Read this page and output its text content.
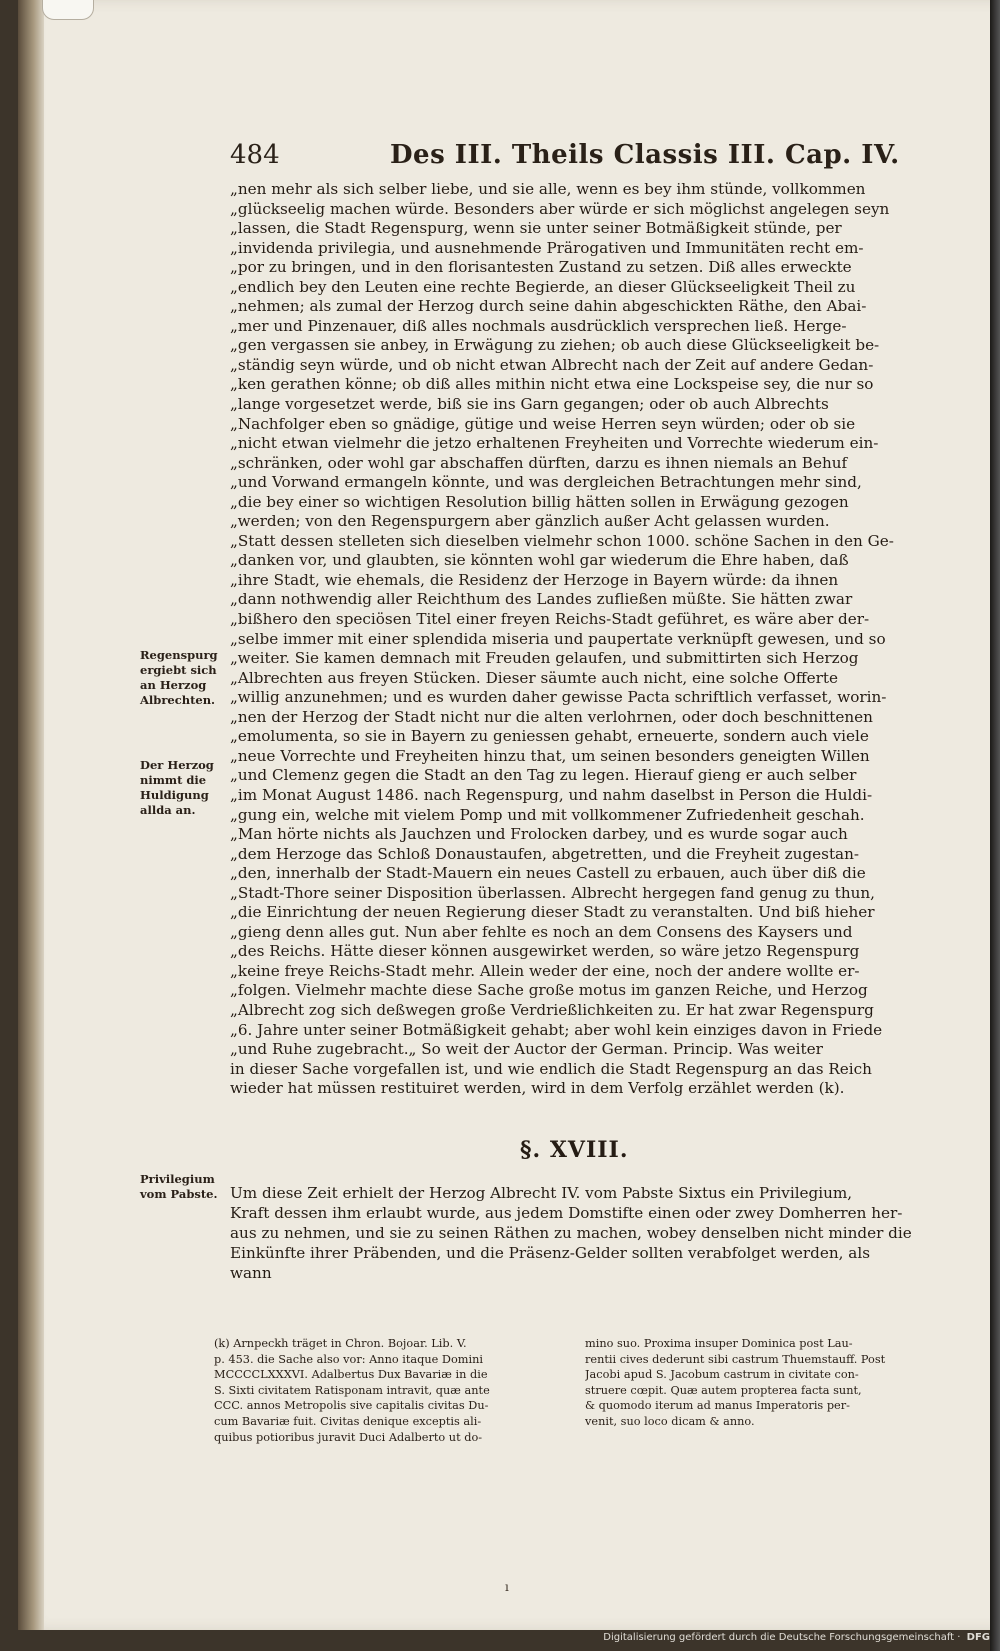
484	Des III. Theils Classis III. Cap. IV.
„nen mehr als sich selber liebe, und sie alle, wenn es bey ihm stünde, vollkommen
„glückseelig machen würde. Besonders aber würde er sich möglichst angelegen seyn
„lassen, die Stadt Regenspurg, wenn sie unter seiner Botmäßigkeit stünde, per
„invidenda privilegia, und ausnehmende Prärogativen und Immunitäten recht em-
„por zu bringen, und in den florisantesten Zustand zu setzen. Diß alles erweckte
„endlich bey den Leuten eine rechte Begierde, an dieser Glückseeligkeit Theil zu
„nehmen; als zumal der Herzog durch seine dahin abgeschickten Räthe, den Abai-
„mer und Pinzenauer, diß alles nochmals ausdrücklich versprechen ließ. Herge-
„gen vergassen sie anbey, in Erwägung zu ziehen; ob auch diese Glückseeligkeit be-
„ständig seyn würde, und ob nicht etwan Albrecht nach der Zeit auf andere Gedan-
„ken gerathen könne; ob diß alles mithin nicht etwa eine Lockspeise sey, die nur so
„lange vorgesetzet werde, biß sie ins Garn gegangen; oder ob auch Albrechts
„Nachfolger eben so gnädige, gütige und weise Herren seyn würden; oder ob sie
„nicht etwan vielmehr die jetzo erhaltenen Freyheiten und Vorrechte wiederum ein-
„schränken, oder wohl gar abschaffen dürften, darzu es ihnen niemals an Behuf
„und Vorwand ermangeln könnte, und was dergleichen Betrachtungen mehr sind,
„die bey einer so wichtigen Resolution billig hätten sollen in Erwägung gezogen
„werden; von den Regenspurgern aber gänzlich außer Acht gelassen wurden.
„Statt dessen stelleten sich dieselben vielmehr schon 1000. schöne Sachen in den Ge-
„danken vor, und glaubten, sie könnten wohl gar wiederum die Ehre haben, daß
„ihre Stadt, wie ehemals, die Residenz der Herzoge in Bayern würde: da ihnen
„dann nothwendig aller Reichthum des Landes zufließen müßte. Sie hätten zwar
„bißhero den speciösen Titel einer freyen Reichs-Stadt geführet, es wäre aber der-
„selbe immer mit einer splendida miseria und paupertate verknüpft gewesen, und so
„weiter. Sie kamen demnach mit Freuden gelaufen, und submittirten sich Herzog
„Albrechten aus freyen Stücken. Dieser säumte auch nicht, eine solche Offerte
„willig anzunehmen; und es wurden daher gewisse Pacta schriftlich verfasset, worin-
„nen der Herzog der Stadt nicht nur die alten verlohrnen, oder doch beschnittenen
„emolumenta, so sie in Bayern zu geniessen gehabt, erneuerte, sondern auch viele
„neue Vorrechte und Freyheiten hinzu that, um seinen besonders geneigten Willen
„und Clemenz gegen die Stadt an den Tag zu legen. Hierauf gieng er auch selber
„im Monat August 1486. nach Regenspurg, und nahm daselbst in Person die Huldi-
„gung ein, welche mit vielem Pomp und mit vollkommener Zufriedenheit geschah.
„Man hörte nichts als Jauchzen und Frolocken darbey, und es wurde sogar auch
„dem Herzoge das Schloß Donaustaufen, abgetretten, und die Freyheit zugestan-
„den, innerhalb der Stadt-Mauern ein neues Castell zu erbauen, auch über diß die
„Stadt-Thore seiner Disposition überlassen. Albrecht hergegen fand genug zu thun,
„die Einrichtung der neuen Regierung dieser Stadt zu veranstalten. Und biß hieher
„gieng denn alles gut. Nun aber fehlte es noch an dem Consens des Kaysers und
„des Reichs. Hätte dieser können ausgewirket werden, so wäre jetzo Regenspurg
„keine freye Reichs-Stadt mehr. Allein weder der eine, noch der andere wollte er-
„folgen. Vielmehr machte diese Sache große motus im ganzen Reiche, und Herzog
„Albrecht zog sich deßwegen große Verdrießlichkeiten zu. Er hat zwar Regenspurg
„6. Jahre unter seiner Botmäßigkeit gehabt; aber wohl kein einziges davon in Friede
„und Ruhe zugebracht.„ So weit der Auctor der German. Princip. Was weiter
in dieser Sache vorgefallen ist, und wie endlich die Stadt Regenspurg an das Reich
wieder hat müssen restituiret werden, wird in dem Verfolg erzählet werden (k).
Regenspurg
ergiebt sich
an Herzog
Albrechten.
Der Herzog
nimmt die
Huldigung
allda an.
Privilegium
vom Pabste.
§. XVIII.
Um diese Zeit erhielt der Herzog Albrecht IV. vom Pabste Sixtus ein Privilegium,
Kraft dessen ihm erlaubt wurde, aus jedem Domstifte einen oder zwey Domherren her-
aus zu nehmen, und sie zu seinen Räthen zu machen, wobey denselben nicht minder die
Einkünfte ihrer Präbenden, und die Präsenz-Gelder sollten verabfolget werden, als
wann
(k) Arnpeckh träget in Chron. Bojoar. Lib. V.
p. 453. die Sache also vor: Anno itaque Domini
MCCCCLXXXVI. Adalbertus Dux Bavariæ in die
S. Sixti civitatem Ratisponam intravit, quæ ante
CCC. annos Metropolis sive capitalis civitas Du-
cum Bavariæ fuit. Civitas denique exceptis ali-
quibus potioribus juravit Duci Adalberto ut do-
mino suo. Proxima insuper Dominica post Lau-
rentii cives dederunt sibi castrum Thuemstauff. Post
Jacobi apud S. Jacobum castrum in civitate con-
struere cœpit. Quæ autem propterea facta sunt,
& quomodo iterum ad manus Imperatoris per-
venit, suo loco dicam & anno.
ı
Digitalisierung gefördert durch die Deutsche Forschungsgemeinschaft · DFG
